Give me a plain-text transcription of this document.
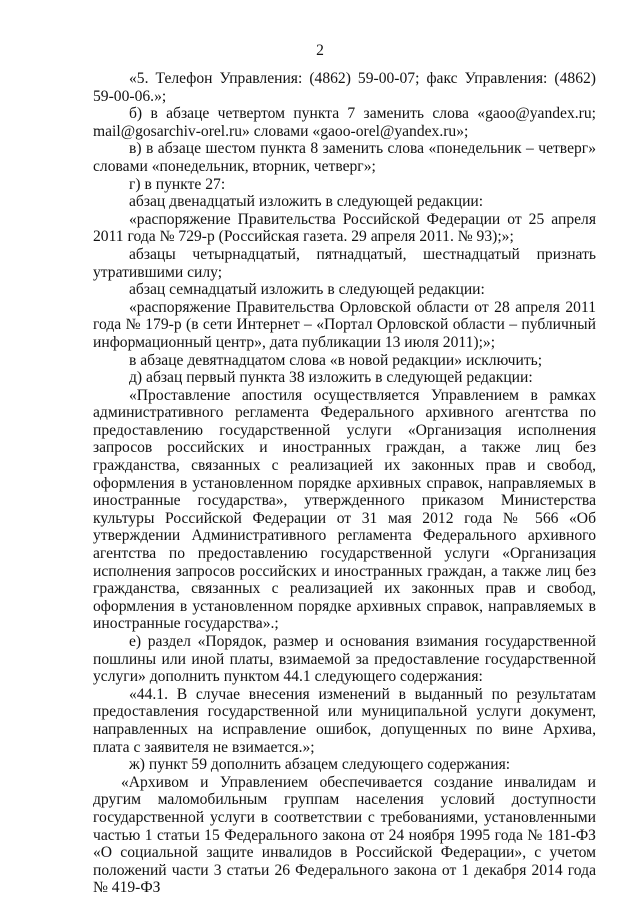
2

«5. Телефон Управления: (4862) 59-00-07; факс Управления: (4862) 59-00-06.»;

б) в абзаце четвертом пункта 7 заменить слова «gaoo@yandex.ru; mail@gosarchiv-orel.ru» словами «gaoo-orel@yandex.ru»;

в) в абзаце шестом пункта 8 заменить слова «понедельник – четверг» словами «понедельник, вторник, четверг»;

г) в пункте 27:

абзац двенадцатый изложить в следующей редакции:

«распоряжение Правительства Российской Федерации от 25 апреля 2011 года № 729-р (Российская газета. 29 апреля 2011. № 93);»;

абзацы четырнадцатый, пятнадцатый, шестнадцатый признать утратившими силу;

абзац семнадцатый изложить в следующей редакции:

«распоряжение Правительства Орловской области от 28 апреля 2011 года № 179-р (в сети Интернет – «Портал Орловской области – публичный информационный центр», дата публикации 13 июля 2011);»;

в абзаце девятнадцатом слова «в новой редакции» исключить;

д) абзац первый пункта 38 изложить в следующей редакции:

«Проставление апостиля осуществляется Управлением в рамках административного регламента Федерального архивного агентства по предоставлению государственной услуги «Организация исполнения запросов российских и иностранных граждан, а также лиц без гражданства, связанных с реализацией их законных прав и свобод, оформления в установленном порядке архивных справок, направляемых в иностранные государства», утвержденного приказом Министерства культуры Российской Федерации от 31 мая 2012 года № 566 «Об утверждении Административного регламента Федерального архивного агентства по предоставлению государственной услуги «Организация исполнения запросов российских и иностранных граждан, а также лиц без гражданства, связанных с реализацией их законных прав и свобод, оформления в установленном порядке архивных справок, направляемых в иностранные государства».;

е) раздел «Порядок, размер и основания взимания государственной пошлины или иной платы, взимаемой за предоставление государственной услуги» дополнить пунктом 44.1 следующего содержания:

«44.1. В случае внесения изменений в выданный по результатам предоставления государственной или муниципальной услуги документ, направленных на исправление ошибок, допущенных по вине Архива, плата с заявителя не взимается.»;

ж) пункт 59 дополнить абзацем следующего содержания:

«Архивом и Управлением обеспечивается создание инвалидам и другим маломобильным группам населения условий доступности государственной услуги в соответствии с требованиями, установленными частью 1 статьи 15 Федерального закона от 24 ноября 1995 года № 181-ФЗ «О социальной защите инвалидов в Российской Федерации», с учетом положений части 3 статьи 26 Федерального закона от 1 декабря 2014 года № 419-ФЗ
